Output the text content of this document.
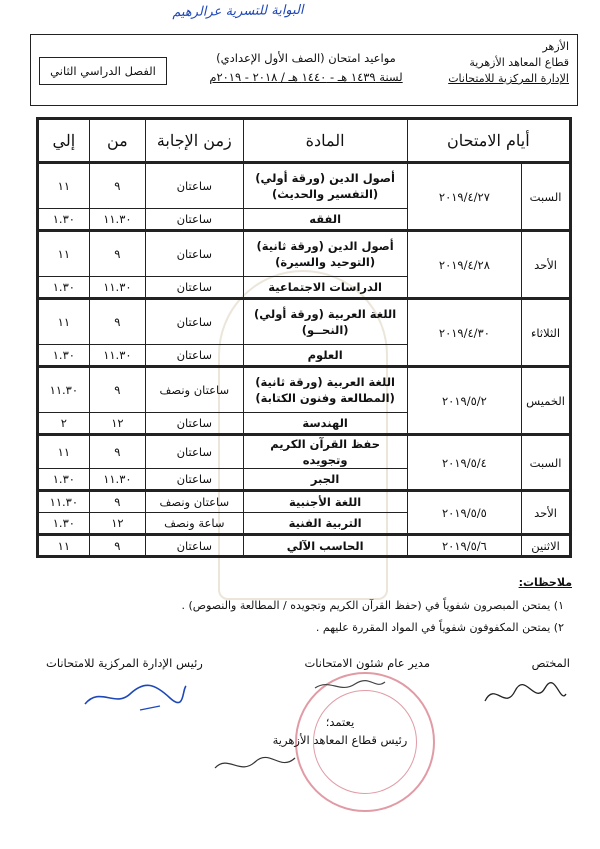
البواية للتسرية عرالرهيم
الأزهر
قطاع المعاهد الأزهرية
الإدارة المركزية للامتحانات
مواعيد امتحان (الصف الأول الإعدادي)
لسنة ١٤٣٩ هـ - ١٤٤٠ هـ / ٢٠١٨ - ٢٠١٩م
الفصل الدراسي الثاني
أيام الامتحان		المادة	زمن الإجابة	من	إلي
السبت	٢٠١٩/٤/٢٧	أصول الدين (ورقة أولي)
(التفسير والحديث)	ساعتان	٩	١١
		الفقه	ساعتان	١١.٣٠	١.٣٠
الأحد	٢٠١٩/٤/٢٨	أصول الدين (ورقة ثانية)
(التوحيد والسيرة)	ساعتان	٩	١١
		الدراسات الاجتماعية	ساعتان	١١.٣٠	١.٣٠
الثلاثاء	٢٠١٩/٤/٣٠	اللغة العربية (ورقة أولي)
(النحــو)	ساعتان	٩	١١
		العلوم	ساعتان	١١.٣٠	١.٣٠
الخميس	٢٠١٩/٥/٢	اللغة العربية (ورقة ثانية)
(المطالعة وفنون الكتابة)	ساعتان ونصف	٩	١١.٣٠
		الهندسة	ساعتان	١٢	٢
السبت	٢٠١٩/٥/٤	حفظ القرآن الكريم وتجويده	ساعتان	٩	١١
		الجبر	ساعتان	١١.٣٠	١.٣٠
الأحد	٢٠١٩/٥/٥	اللغة الأجنبية	ساعتان ونصف	٩	١١.٣٠
		التربية الفنية	ساعة ونصف	١٢	١.٣٠
الاثنين	٢٠١٩/٥/٦	الحاسب الآلي	ساعتان	٩	١١
ملاحظات:
١) يمتحن المبصرون شفوياً في (حفظ القرآن الكريم وتجويده / المطالعة والنصوص) .
٢) يمتحن المكفوفون شفوياً في المواد المقررة عليهم .
المختص
مدير عام شئون الامتحانات
رئيس الإدارة المركزية للامتحانات
يعتمد؛
رئيس قطاع المعاهد الأزهرية
